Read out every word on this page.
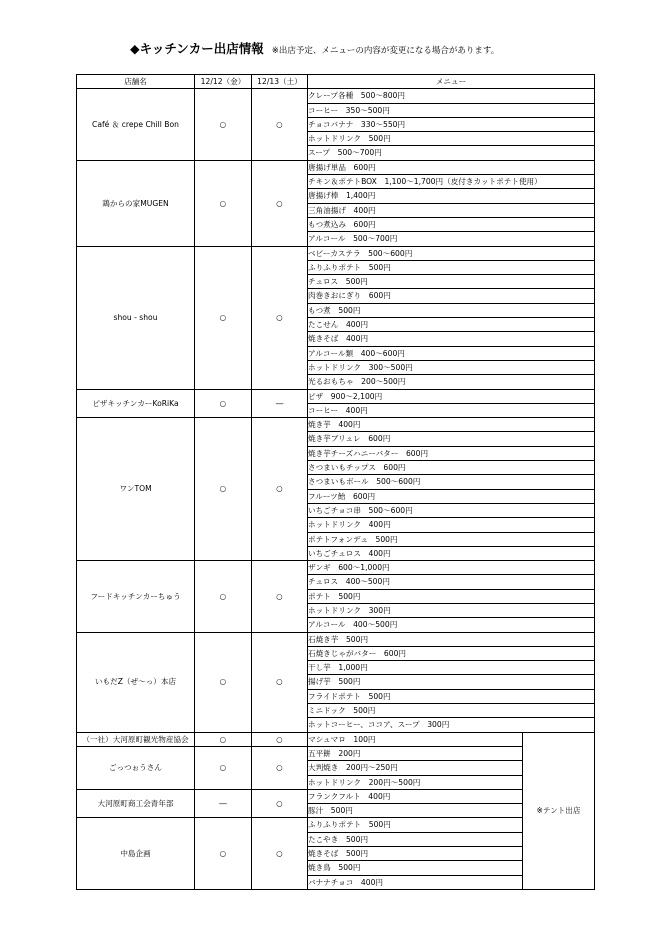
◆キッチンカー出店情報 ※出店予定、メニューの内容が変更になる場合があります。
店舗名	12/12（金）	12/13（土）	メニュー	
Café ＆ crepe Chill Bon	○	○	クレープ各種　500～800円	
			コーヒー　350～500円	
			チョコバナナ　330～550円	
			ホットドリンク　500円	
			スープ　500～700円	
鶏からの家MUGEN	○	○	唐揚げ単品　600円	
			チキン＆ポテトBOX　1,100～1,700円（皮付きカットポテト使用）	
			唐揚げ棒　1,400円	
			三角油揚げ　400円	
			もつ煮込み　600円	
			アルコール　500～700円	
shou - shou	○	○	ベビーカステラ　500～600円	
			ふりふりポテト　500円	
			チュロス　500円	
			肉巻きおにぎり　600円	
			もつ煮　500円	
			たこせん　400円	
			焼きそば　400円	
			アルコール類　400～600円	
			ホットドリンク　300～500円	
			光るおもちゃ　200～500円	
ピザキッチンカーKoRiKa	○	―	ピザ　900～2,100円	
			コーヒー　400円	
ワンTOM	○	○	焼き芋　400円	
			焼き芋ブリュレ　600円	
			焼き芋チーズハニーバター　600円	
			さつまいもチップス　600円	
			さつまいもボール　500～600円	
			フルーツ飴　600円	
			いちごチョコ串　500～600円	
			ホットドリンク　400円	
			ポテトフォンデュ　500円	
			いちごチュロス　400円	
フードキッチンカーちゅう	○	○	ザンギ　600～1,000円	
			チュロス　400～500円	
			ポテト　500円	
			ホットドリンク　300円	
			アルコール　400～500円	
いもだZ（ぜ～っ）本店	○	○	石焼き芋　500円	
			石焼きじゃがバター　600円	
			干し芋　1,000円	
			揚げ芋　500円	
			フライドポテト　500円	
			ミニドック　500円	
			ホットコーヒー、ココア、スープ　300円	
（一社）大河原町観光物産協会	○	○	マシュマロ　100円	※テント出店
ごっつぉうさん	○	○	五平餅　200円	
			大判焼き　200円～250円	
			ホットドリンク　200円～500円	
大河原町商工会青年部	―	○	フランクフルト　400円	
			豚汁　500円	
中島企画	○	○	ふりふりポテト　500円	
			たこやき　500円	
			焼きそば　500円	
			焼き鳥　500円	
			バナナチョコ　400円	
